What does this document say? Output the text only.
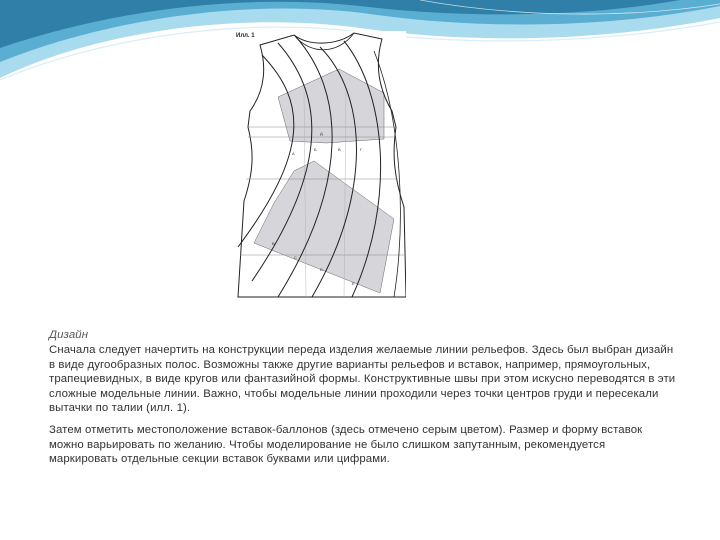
Илл. 1
А
Б	В	Г
Д
В
С
D
E
Дизайн

Сначала следует начертить на конструкции переда изделия желаемые линии рельефов. Здесь был выбран дизайн в виде дугообразных полос. Возможны также другие варианты рельефов и вставок, например, прямоугольных, трапециевидных, в виде кругов или фантазийной формы. Конструктивные швы при этом искусно переводятся в эти сложные модельные линии. Важно, чтобы модельные линии проходили через точки центров груди и пересекали вытачки по талии (илл. 1).

Затем отметить местоположение вставок-баллонов (здесь отмечено серым цветом). Размер и форму вставок можно варьировать по желанию. Чтобы моделирование не было слишком запутанным, рекомендуется маркировать отдельные секции вставок буквами или цифрами.
